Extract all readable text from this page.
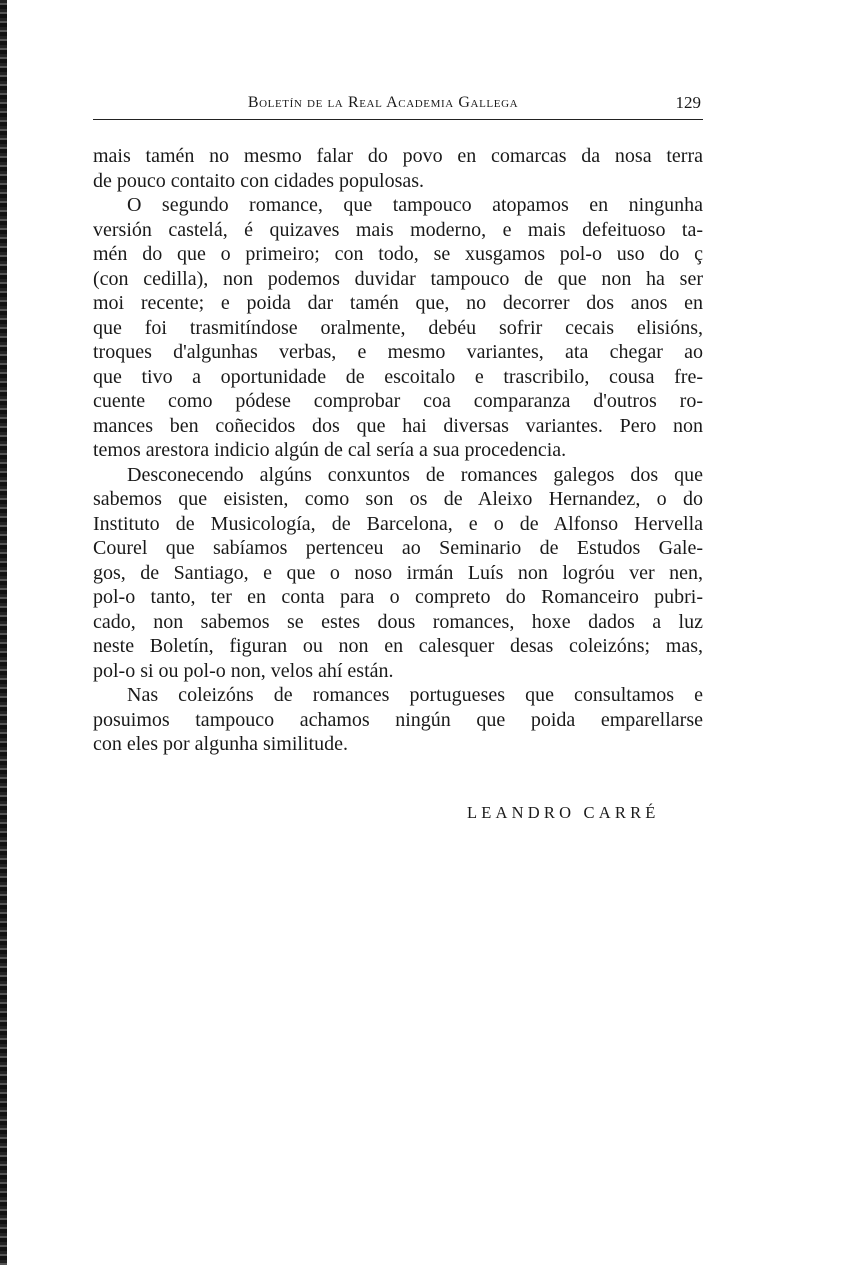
Boletín de la Real Academia Gallega	129
mais tamén no mesmo falar do povo en comarcas da nosa terra
de pouco contaito con cidades populosas.
O segundo romance, que tampouco atopamos en ningunha
versión castelá, é quizaves mais moderno, e mais defeituoso ta-
mén do que o primeiro; con todo, se xusgamos pol-o uso do ç
(con cedilla), non podemos duvidar tampouco de que non ha ser
moi recente; e poida dar tamén que, no decorrer dos anos en
que foi trasmitíndose oralmente, debéu sofrir cecais elisións,
troques d'algunhas verbas, e mesmo variantes, ata chegar ao
que tivo a oportunidade de escoitalo e trascribilo, cousa fre-
cuente como pódese comprobar coa comparanza d'outros ro-
mances ben coñecidos dos que hai diversas variantes. Pero non
temos arestora indicio algún de cal sería a sua procedencia.
Desconecendo algúns conxuntos de romances galegos dos que
sabemos que eisisten, como son os de Aleixo Hernandez, o do
Instituto de Musicología, de Barcelona, e o de Alfonso Hervella
Courel que sabíamos pertenceu ao Seminario de Estudos Gale-
gos, de Santiago, e que o noso irmán Luís non logróu ver nen,
pol-o tanto, ter en conta para o compreto do Romanceiro pubri-
cado, non sabemos se estes dous romances, hoxe dados a luz
neste Boletín, figuran ou non en calesquer desas coleizóns; mas,
pol-o si ou pol-o non, velos ahí están.
Nas coleizóns de romances portugueses que consultamos e
posuimos tampouco achamos ningún que poida emparellarse
con eles por algunha similitude.
LEANDRO CARRÉ
